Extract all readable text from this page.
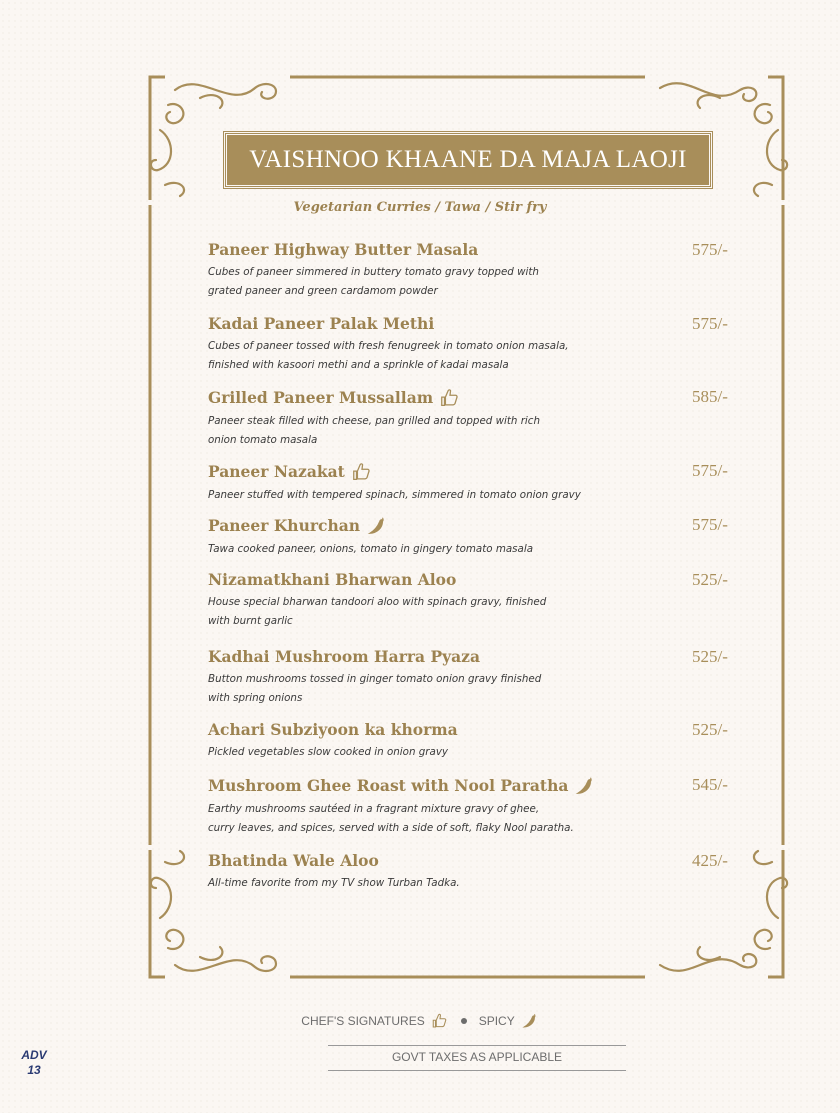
VAISHNOO KHAANE DA MAJA LAOJI
Vegetarian Curries / Tawa / Stir fry
Paneer Highway Butter Masala	575/-
Cubes of paneer simmered in buttery tomato gravy topped with
grated paneer and green cardamom powder
Kadai Paneer Palak Methi	575/-
Cubes of paneer tossed with fresh fenugreek in tomato onion masala,
finished with kasoori methi and a sprinkle of kadai masala
Grilled Paneer Mussallam	585/-
Paneer steak filled with cheese, pan grilled and topped with rich
onion tomato masala
Paneer Nazakat	575/-
Paneer stuffed with tempered spinach, simmered in tomato onion gravy
Paneer Khurchan	575/-
Tawa cooked paneer, onions, tomato in gingery tomato masala
Nizamatkhani Bharwan Aloo	525/-
House special bharwan tandoori aloo with spinach gravy, finished
with burnt garlic
Kadhai Mushroom Harra Pyaza	525/-
Button mushrooms tossed in ginger tomato onion gravy finished
with spring onions
Achari Subziyoon ka khorma	525/-
Pickled vegetables slow cooked in onion gravy
Mushroom Ghee Roast with Nool Paratha	545/-
Earthy mushrooms sautéed in a fragrant mixture gravy of ghee,
curry leaves, and spices, served with a side of soft, flaky Nool paratha.
Bhatinda Wale Aloo	425/-
All-time favorite from my TV show Turban Tadka.
CHEF'S SIGNATURES	SPICY
GOVT TAXES AS APPLICABLE
ADV
13
